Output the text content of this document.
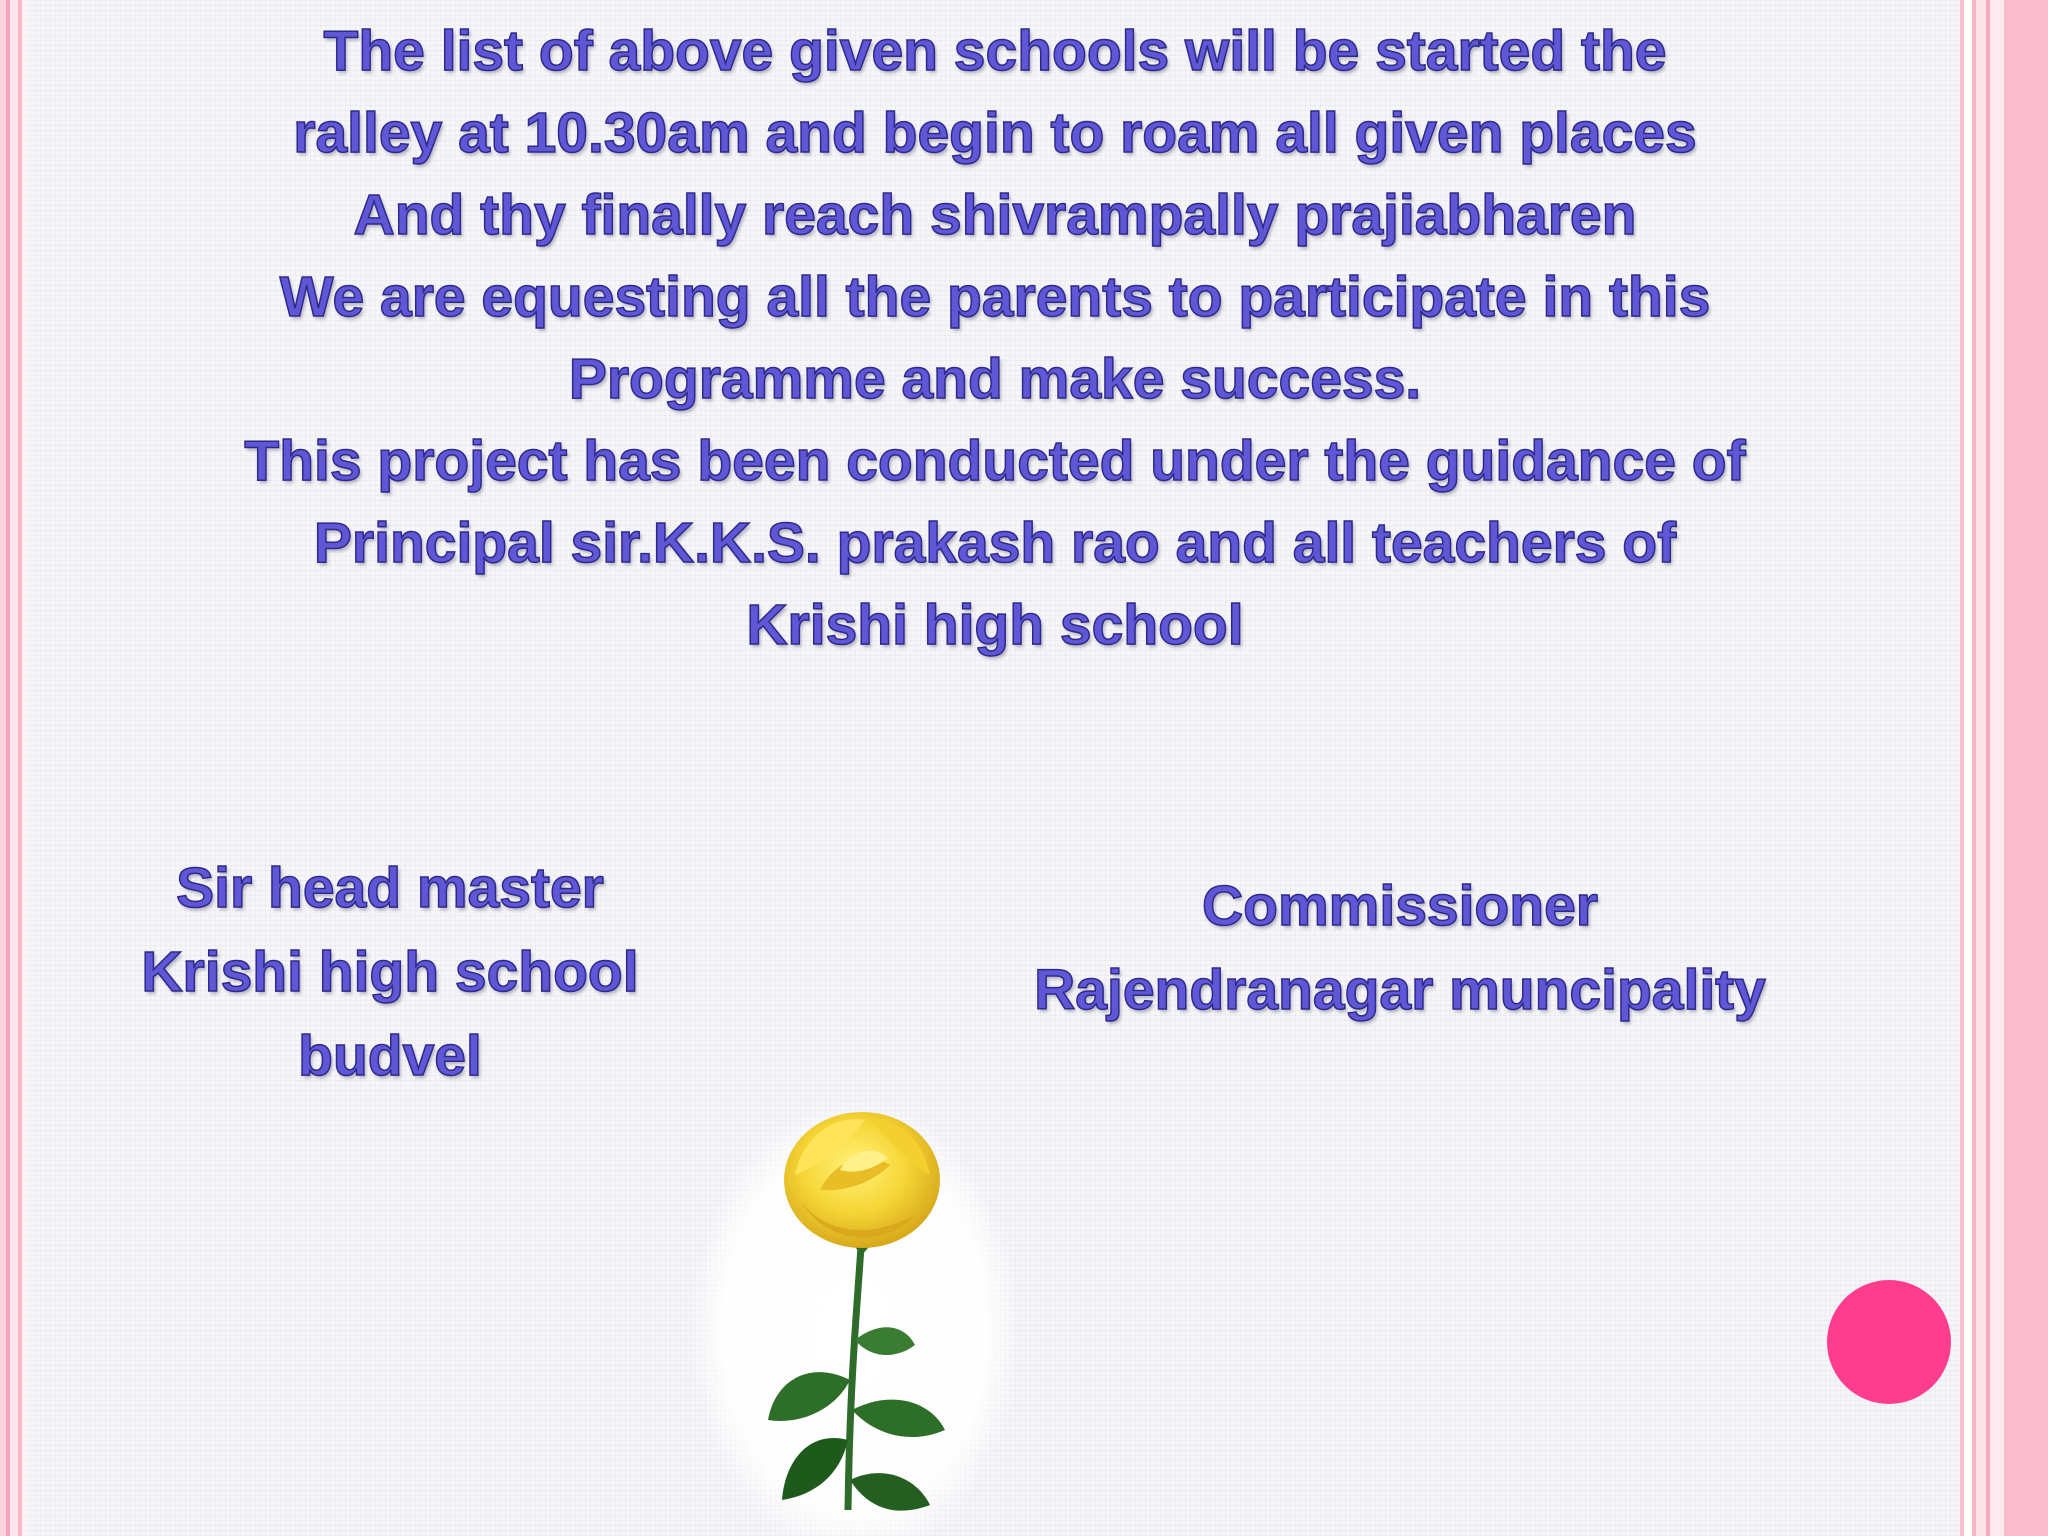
The list of above given schools will be started the
ralley at 10.30am and begin to roam all given places
And thy finally reach shivrampally prajiabharen
We are equesting all the parents to participate in this
Programme and make success.
This project has been conducted under the guidance of
Principal sir.K.K.S. prakash rao and all teachers of
Krishi high school
Sir head master
Krishi high school
budvel
Commissioner
Rajendranagar muncipality
